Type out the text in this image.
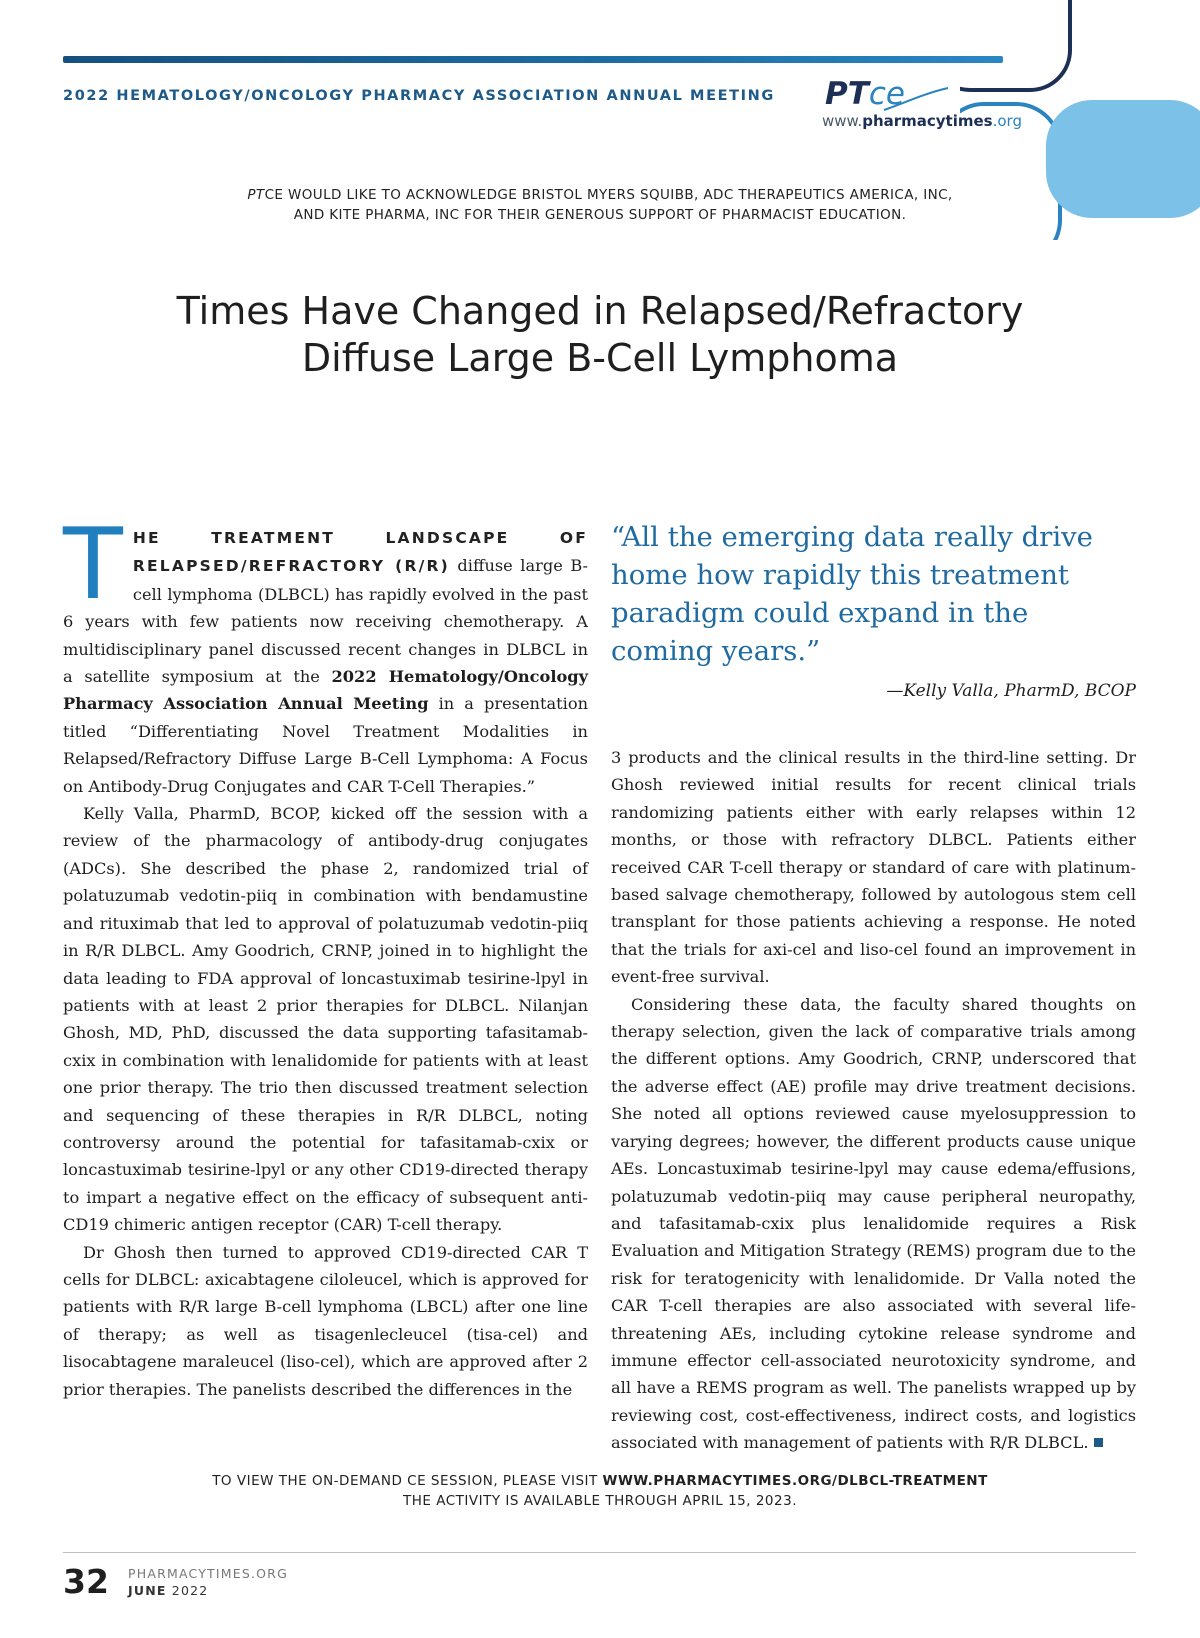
2022 HEMATOLOGY/ONCOLOGY PHARMACY ASSOCIATION ANNUAL MEETING PTce
www.pharmacytimes.org
PTCE WOULD LIKE TO ACKNOWLEDGE BRISTOL MYERS SQUIBB, ADC THERAPEUTICS AMERICA, INC,
AND KITE PHARMA, INC FOR THEIR GENEROUS SUPPORT OF PHARMACIST EDUCATION.
Times Have Changed in Relapsed/Refractory
Diffuse Large B-Cell Lymphoma

THE TREATMENT LANDSCAPE OF RELAPSED/REFRACTORY (R/R) diffuse large B-cell lymphoma (DLBCL) has rapidly evolved in the past 6 years with few patients now receiving chemotherapy. A multidisciplinary panel discussed recent changes in DLBCL in a satellite symposium at the 2022 Hematology/Oncology Pharmacy Association Annual Meeting in a presentation titled “Differentiating Novel Treatment Modalities in Relapsed/Refractory Diffuse Large B-Cell Lymphoma: A Focus on Antibody-Drug Conjugates and CAR T-Cell Therapies.”

Kelly Valla, PharmD, BCOP, kicked off the session with a review of the pharmacology of antibody-drug conjugates (ADCs). She described the phase 2, randomized trial of polatuzumab vedotin-piiq in combination with bendamustine and rituximab that led to approval of polatuzumab vedotin-piiq in R/R DLBCL. Amy Goodrich, CRNP, joined in to highlight the data leading to FDA approval of loncastuximab tesirine-lpyl in patients with at least 2 prior therapies for DLBCL. Nilanjan Ghosh, MD, PhD, discussed the data supporting tafasitamab-cxix in combination with lenalidomide for patients with at least one prior therapy. The trio then discussed treatment selection and sequencing of these therapies in R/R DLBCL, noting controversy around the potential for tafasitamab-cxix or loncastuximab tesirine-lpyl or any other CD19-directed therapy to impart a negative effect on the efficacy of subsequent anti-CD19 chimeric antigen receptor (CAR) T-cell therapy.

Dr Ghosh then turned to approved CD19-directed CAR T cells for DLBCL: axicabtagene ciloleucel, which is approved for patients with R/R large B-cell lymphoma (LBCL) after one line of therapy; as well as tisagenlecleucel (tisa-cel) and lisocabtagene maraleucel (liso-cel), which are approved after 2 prior therapies. The panelists described the differences in the

“All the emerging data really drive home how rapidly this treatment paradigm could expand in the coming years.”
—Kelly Valla, PharmD, BCOP

3 products and the clinical results in the third-line setting. Dr Ghosh reviewed initial results for recent clinical trials randomizing patients either with early relapses within 12 months, or those with refractory DLBCL. Patients either received CAR T-cell therapy or standard of care with platinum-based salvage chemotherapy, followed by autologous stem cell transplant for those patients achieving a response. He noted that the trials for axi-cel and liso-cel found an improvement in event-free survival.

Considering these data, the faculty shared thoughts on therapy selection, given the lack of comparative trials among the different options. Amy Goodrich, CRNP, underscored that the adverse effect (AE) profile may drive treatment decisions. She noted all options reviewed cause myelosuppression to varying degrees; however, the different products cause unique AEs. Loncastuximab tesirine-lpyl may cause edema/effusions, polatuzumab vedotin-piiq may cause peripheral neuropathy, and tafasitamab-cxix plus lenalidomide requires a Risk Evaluation and Mitigation Strategy (REMS) program due to the risk for teratogenicity with lenalidomide. Dr Valla noted the CAR T-cell therapies are also associated with several life-threatening AEs, including cytokine release syndrome and immune effector cell-associated neurotoxicity syndrome, and all have a REMS program as well. The panelists wrapped up by reviewing cost, cost-effectiveness, indirect costs, and logistics associated with management of patients with R/R DLBCL.

TO VIEW THE ON-DEMAND CE SESSION, PLEASE VISIT WWW.PHARMACYTIMES.ORG/DLBCL-TREATMENT
THE ACTIVITY IS AVAILABLE THROUGH APRIL 15, 2023.
32 PHARMACYTIMES.ORG
JUNE 2022
